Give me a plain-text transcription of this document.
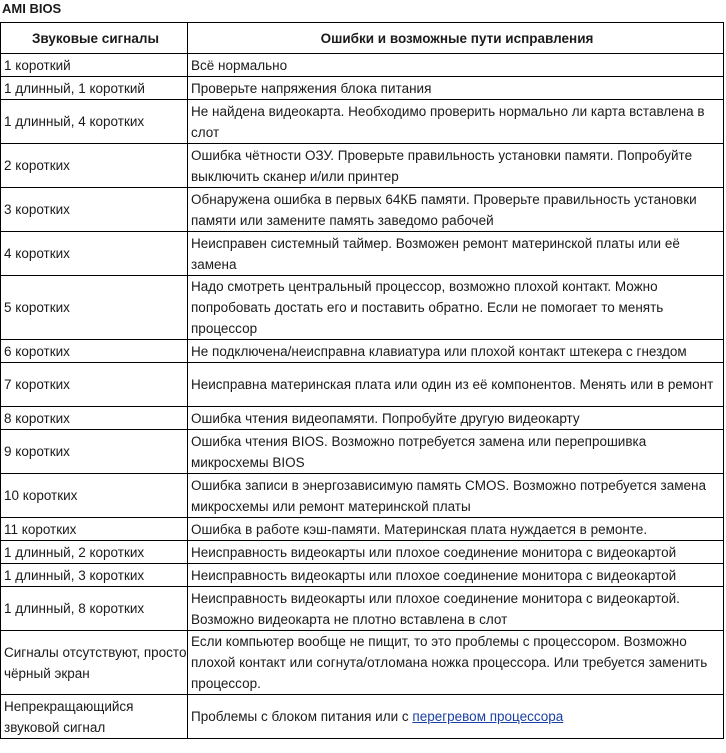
AMI BIOS
Звуковые сигналы	Ошибки и возможные пути исправления
1 короткий	Всё нормально
1 длинный, 1 короткий	Проверьте напряжения блока питания
1 длинный, 4 коротких	Не найдена видеокарта. Необходимо проверить нормально ли карта вставлена в слот
2 коротких	Ошибка чётности ОЗУ. Проверьте правильность установки памяти. Попробуйте выключить сканер и/или принтер
3 коротких	Обнаружена ошибка в первых 64КБ памяти. Проверьте правильность установки памяти или замените память заведомо рабочей
4 коротких	Неисправен системный таймер. Возможен ремонт материнской платы или её замена
5 коротких	Надо смотреть центральный процессор, возможно плохой контакт. Можно попробовать достать его и поставить обратно. Если не помогает то менять процессор
6 коротких	Не подключена/неисправна клавиатура или плохой контакт штекера с гнездом
7 коротких	Неисправна материнская плата или один из её компонентов. Менять или в ремонт
8 коротких	Ошибка чтения видеопамяти. Попробуйте другую видеокарту
9 коротких	Ошибка чтения BIOS. Возможно потребуется замена или перепрошивка микросхемы BIOS
10 коротких	Ошибка записи в энергозависимую память CMOS. Возможно потребуется замена микросхемы или ремонт материнской платы
11 коротких	Ошибка в работе кэш-памяти. Материнская плата нуждается в ремонте.
1 длинный, 2 коротких	Неисправность видеокарты или плохое соединение монитора с видеокартой
1 длинный, 3 коротких	Неисправность видеокарты или плохое соединение монитора с видеокартой
1 длинный, 8 коротких	Неисправность видеокарты или плохое соединение монитора с видеокартой. Возможно видеокарта не плотно вставлена в слот
Сигналы отсутствуют, просто чёрный экран	Если компьютер вообще не пищит, то это проблемы с процессором. Возможно плохой контакт или согнута/отломана ножка процессора. Или требуется заменить процессор.
Непрекращающийся звуковой сигнал	Проблемы с блоком питания или с перегревом процессора
